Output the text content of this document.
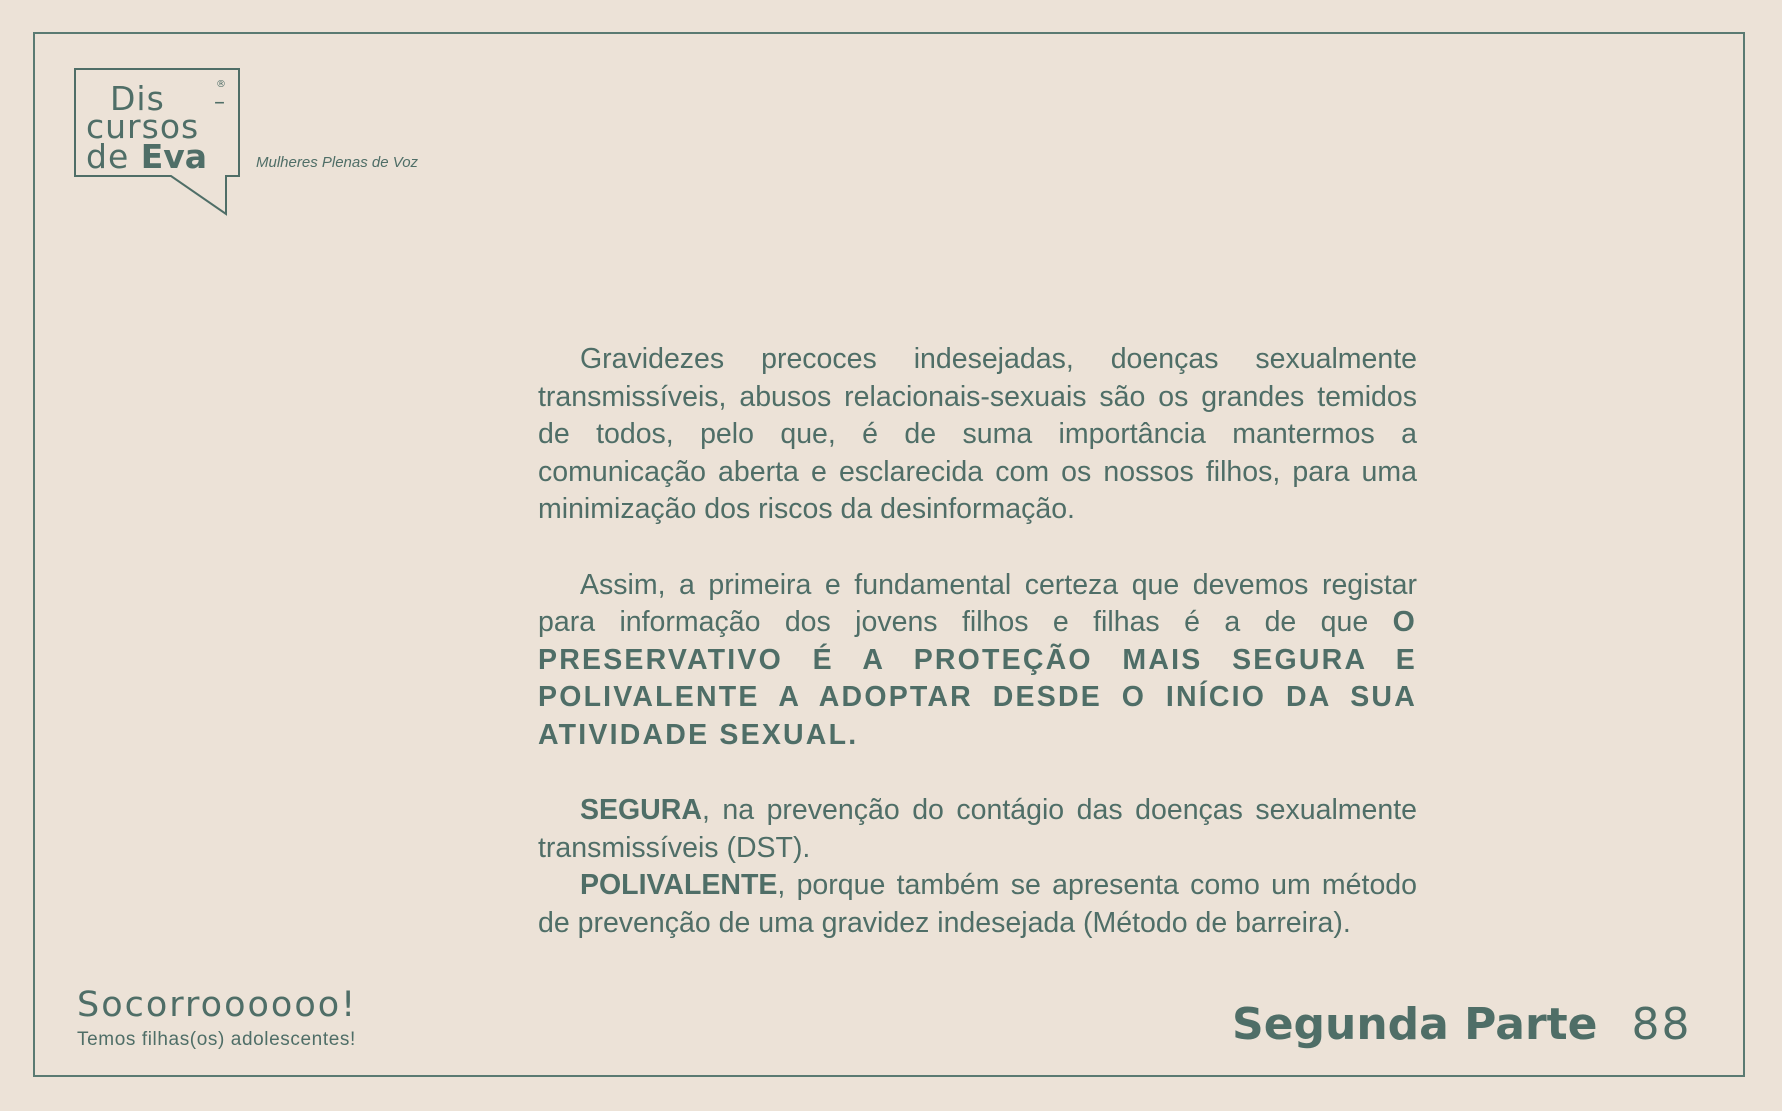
Dis –
®
cursos
de Eva	Mulheres Plenas de Voz

Gravidezes precoces indesejadas, doenças sexualmente transmissíveis, abusos relacionais-sexuais são os grandes temidos de todos, pelo que, é de suma importância mantermos a comunicação aberta e esclarecida com os nossos filhos, para uma minimização dos riscos da desinformação.

Assim, a primeira e fundamental certeza que devemos registar para informação dos jovens filhos e filhas é a de que O PRESERVATIVO É A PROTEÇÃO MAIS SEGURA E POLIVALENTE A ADOPTAR DESDE O INÍCIO DA SUA ATIVIDADE SEXUAL.

SEGURA, na prevenção do contágio das doenças sexualmente transmissíveis (DST).

POLIVALENTE, porque também se apresenta como um método de prevenção de uma gravidez indesejada (Método de barreira).

Socorroooooo!
Temos filhas(os) adolescentes!	Segunda Parte 88
